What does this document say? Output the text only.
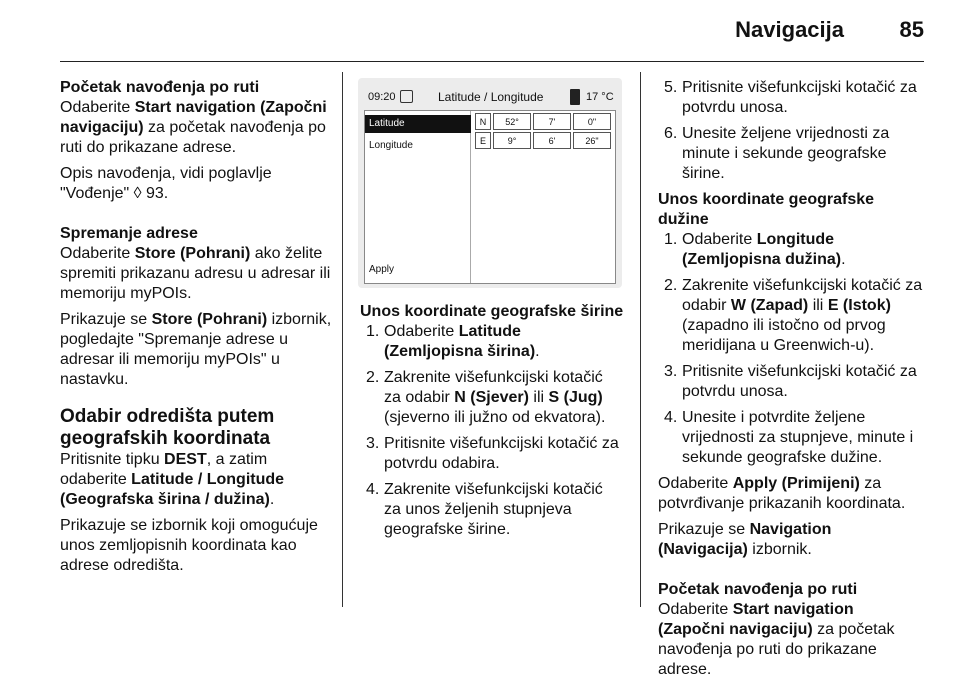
Navigacija	85

Početak navođenja po ruti

Odaberite Start navigation (Započni navigaciju) za početak navođenja po ruti do prikazane adrese.

Opis navođenja, vidi poglavlje "Vođenje" ◊ 93.

Spremanje adrese

Odaberite Store (Pohrani) ako želite spremiti prikazanu adresu u adresar ili memoriju myPOIs.

Prikazuje se Store (Pohrani) izbornik, pogledajte "Spremanje adrese u adresar ili memoriju myPOIs" u nastavku.

Odabir odredišta putem geografskih koordinata

Pritisnite tipku DEST, a zatim odaberite Latitude / Longitude (Geografska širina / dužina).

Prikazuje se izbornik koji omogućuje unos zemljopisnih koordinata kao adrese odredišta.

09:20	Latitude / Longitude	17 °C
Latitude
Longitude
Apply
N	52°	7'	0"
E	9°	6'	26"

Unos koordinate geografske širine

1. Odaberite Latitude (Zemljopisna širina).
2. Zakrenite višefunkcijski kotačić za odabir N (Sjever) ili S (Jug) (sjeverno ili južno od ekvatora).
3. Pritisnite višefunkcijski kotačić za potvrdu odabira.
4. Zakrenite višefunkcijski kotačić za unos željenih stupnjeva geografske širine.
5. Pritisnite višefunkcijski kotačić za potvrdu unosa.
6. Unesite željene vrijednosti za minute i sekunde geografske širine.

Unos koordinate geografske dužine

1. Odaberite Longitude (Zemljopisna dužina).
2. Zakrenite višefunkcijski kotačić za odabir W (Zapad) ili E (Istok) (zapadno ili istočno od prvog meridijana u Greenwich-u).
3. Pritisnite višefunkcijski kotačić za potvrdu unosa.
4. Unesite i potvrdite željene vrijednosti za stupnjeve, minute i sekunde geografske dužine.

Odaberite Apply (Primijeni) za potvrđivanje prikazanih koordinata.

Prikazuje se Navigation (Navigacija) izbornik.

Početak navođenja po ruti

Odaberite Start navigation (Započni navigaciju) za početak navođenja po ruti do prikazane adrese.
